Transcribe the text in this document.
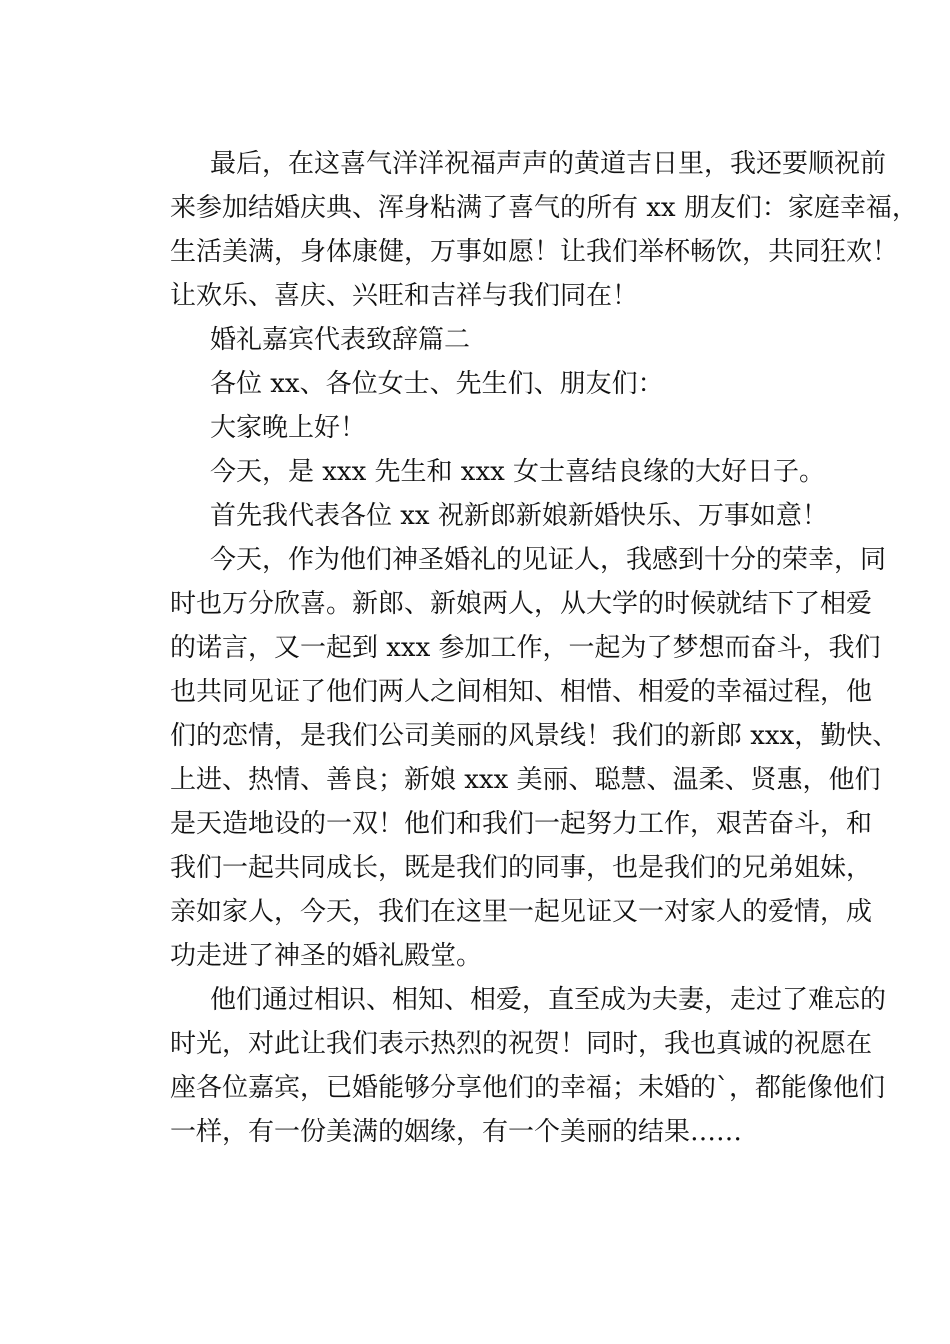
最后，在这喜气洋洋祝福声声的黄道吉日里，我还要顺祝前
来参加结婚庆典、浑身粘满了喜气的所有 xx 朋友们：家庭幸福，
生活美满，身体康健，万事如愿！让我们举杯畅饮，共同狂欢！
让欢乐、喜庆、兴旺和吉祥与我们同在！

婚礼嘉宾代表致辞篇二

各位 xx、各位女士、先生们、朋友们：

大家晚上好！

今天，是 xxx 先生和 xxx 女士喜结良缘的大好日子。

首先我代表各位 xx 祝新郎新娘新婚快乐、万事如意！

今天，作为他们神圣婚礼的见证人，我感到十分的荣幸，同
时也万分欣喜。新郎、新娘两人，从大学的时候就结下了相爱
的诺言，又一起到 xxx 参加工作，一起为了梦想而奋斗，我们
也共同见证了他们两人之间相知、相惜、相爱的幸福过程，他
们的恋情，是我们公司美丽的风景线！我们的新郎 xxx，勤快、
上进、热情、善良；新娘 xxx 美丽、聪慧、温柔、贤惠，他们
是天造地设的一双！他们和我们一起努力工作，艰苦奋斗，和
我们一起共同成长，既是我们的同事，也是我们的兄弟姐妹，
亲如家人，今天，我们在这里一起见证又一对家人的爱情，成
功走进了神圣的婚礼殿堂。

他们通过相识、相知、相爱，直至成为夫妻，走过了难忘的
时光，对此让我们表示热烈的祝贺！同时，我也真诚的祝愿在
座各位嘉宾，已婚能够分享他们的幸福；未婚的`，都能像他们
一样，有一份美满的姻缘，有一个美丽的结果……
